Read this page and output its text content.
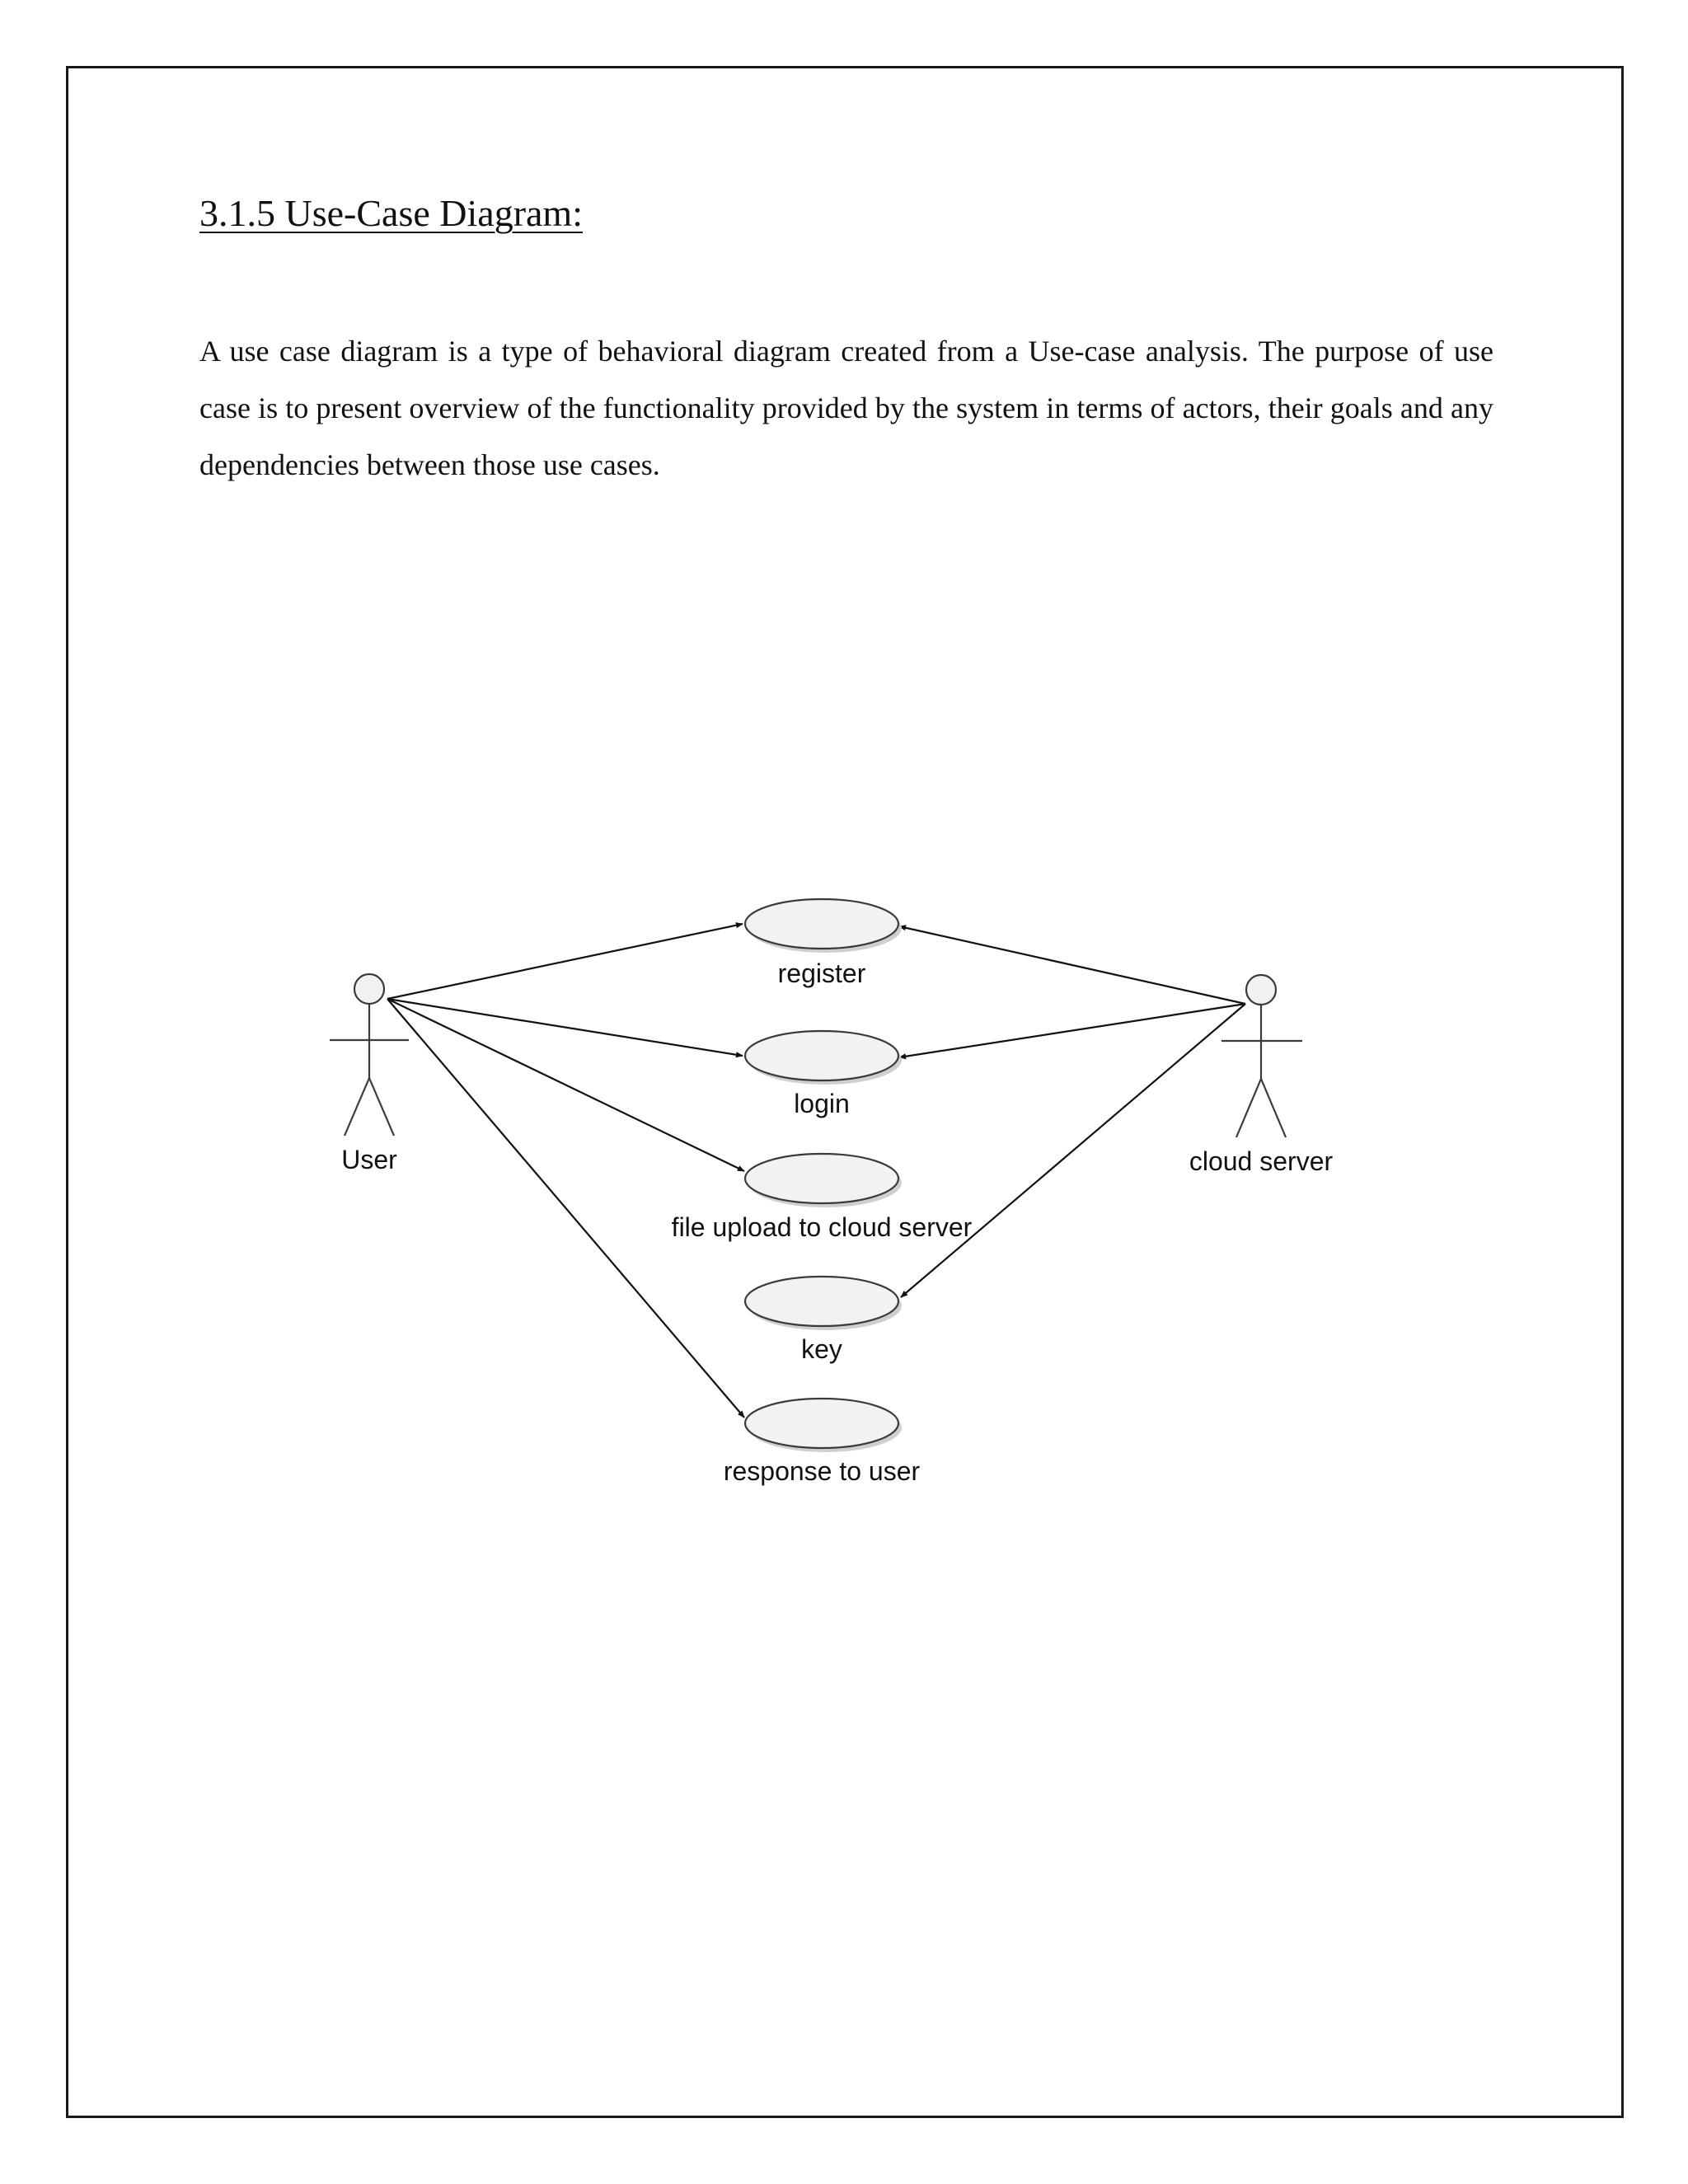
3.1.5 Use-Case Diagram:

A use case diagram is a type of behavioral diagram created from a Use-case analysis. The purpose of use case is to present overview of the functionality provided by the system in terms of actors, their goals and any dependencies between those use cases.

User	cloud server
register
login
file upload to cloud server
key
response to user
